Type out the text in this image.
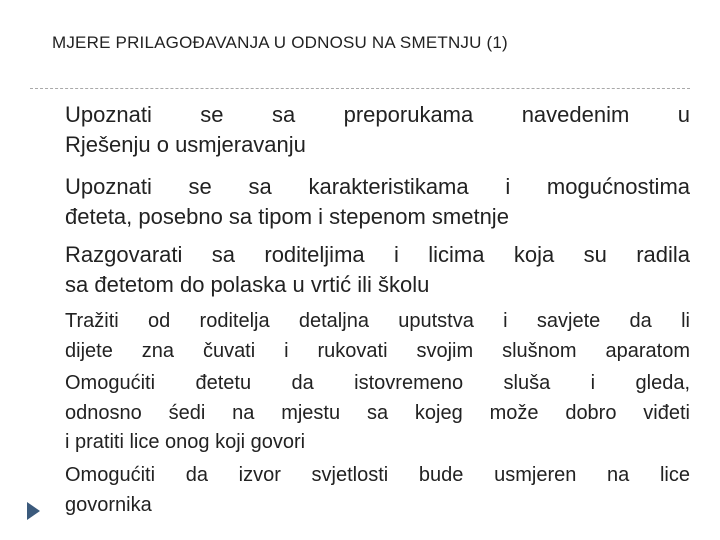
MJERE PRILAGOĐAVANJA U ODNOSU NA SMETNJU (1)
Upoznati se sa preporukama navedenim u
Rješenju o usmjeravanju
Upoznati se sa karakteristikama i mogućnostima
đeteta, posebno sa tipom i stepenom smetnje
Razgovarati sa roditeljima i licima koja su radila
sa đetetom do polaska u vrtić ili školu
Tražiti od roditelja detaljna uputstva i savjete da li
dijete zna čuvati i rukovati svojim slušnom aparatom
Omogućiti đetetu da istovremeno sluša i gleda,
odnosno śedi na mjestu sa kojeg može dobro viđeti
i pratiti lice onog koji govori
Omogućiti da izvor svjetlosti bude usmjeren na lice
govornika
